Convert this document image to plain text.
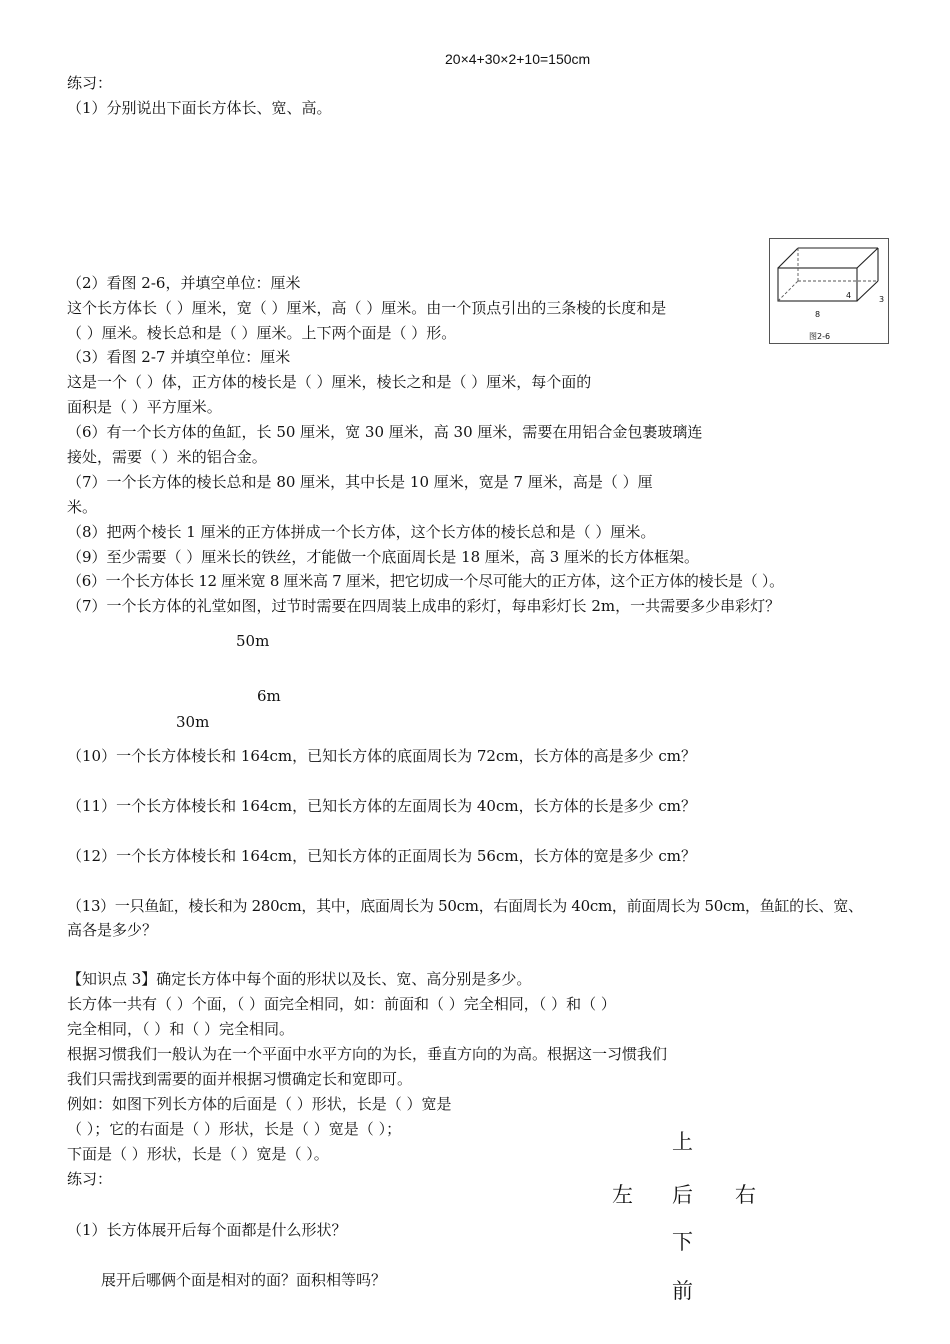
20×4+30×2+10=150cm
练习：
（1）分别说出下面长方体长、宽、高。
4	3
8
图2-6
（2）看图 2-6，并填空单位：厘米
这个长方体长（ ）厘米，宽（ ）厘米，高（ ）厘米。由一个顶点引出的三条棱的长度和是
（ ）厘米。棱长总和是（ ）厘米。上下两个面是（ ）形。
（3）看图 2-7 并填空单位：厘米
这是一个（ ）体，正方体的棱长是（ ）厘米，棱长之和是（ ）厘米，每个面的
面积是（ ）平方厘米。
（6）有一个长方体的鱼缸，长 50 厘米，宽 30 厘米，高 30 厘米，需要在用铝合金包裹玻璃连
接处，需要（ ）米的铝合金。
（7）一个长方体的棱长总和是 80 厘米，其中长是 10 厘米，宽是 7 厘米，高是（ ）厘
米。
（8）把两个棱长 1 厘米的正方体拼成一个长方体，这个长方体的棱长总和是（ ）厘米。
（9）至少需要（ ）厘米长的铁丝，才能做一个底面周长是 18 厘米，高 3 厘米的长方体框架。
（6）一个长方体长 12 厘米宽 8 厘米高 7 厘米，把它切成一个尽可能大的正方体，这个正方体的棱长是（ ）。
（7）一个长方体的礼堂如图，过节时需要在四周装上成串的彩灯，每串彩灯长 2m，一共需要多少串彩灯？
50m
6m
30m
（10）一个长方体棱长和 164cm，已知长方体的底面周长为 72cm，长方体的高是多少 cm？
（11）一个长方体棱长和 164cm，已知长方体的左面周长为 40cm，长方体的长是多少 cm？
（12）一个长方体棱长和 164cm，已知长方体的正面周长为 56cm，长方体的宽是多少 cm？
（13）一只鱼缸，棱长和为 280cm，其中，底面周长为 50cm，右面周长为 40cm，前面周长为 50cm，鱼缸的长、宽、
高各是多少？
【知识点 3】确定长方体中每个面的形状以及长、宽、高分别是多少。
长方体一共有（ ）个面，（ ）面完全相同，如：前面和（ ）完全相同，（ ）和（ ）
完全相同，（ ）和（ ）完全相同。
根据习惯我们一般认为在一个平面中水平方向的为长，垂直方向的为高。根据这一习惯我们
我们只需找到需要的面并根据习惯确定长和宽即可。
例如：如图下列长方体的后面是（ ）形状，长是（ ）宽是
（ ）；它的右面是（ ）形状，长是（ ）宽是（ ）；
下面是（ ）形状，长是（ ）宽是（ ）。
练习：
（1）长方体展开后每个面都是什么形状？
展开后哪俩个面是相对的面？面积相等吗？
上
左 后 右
下
前
